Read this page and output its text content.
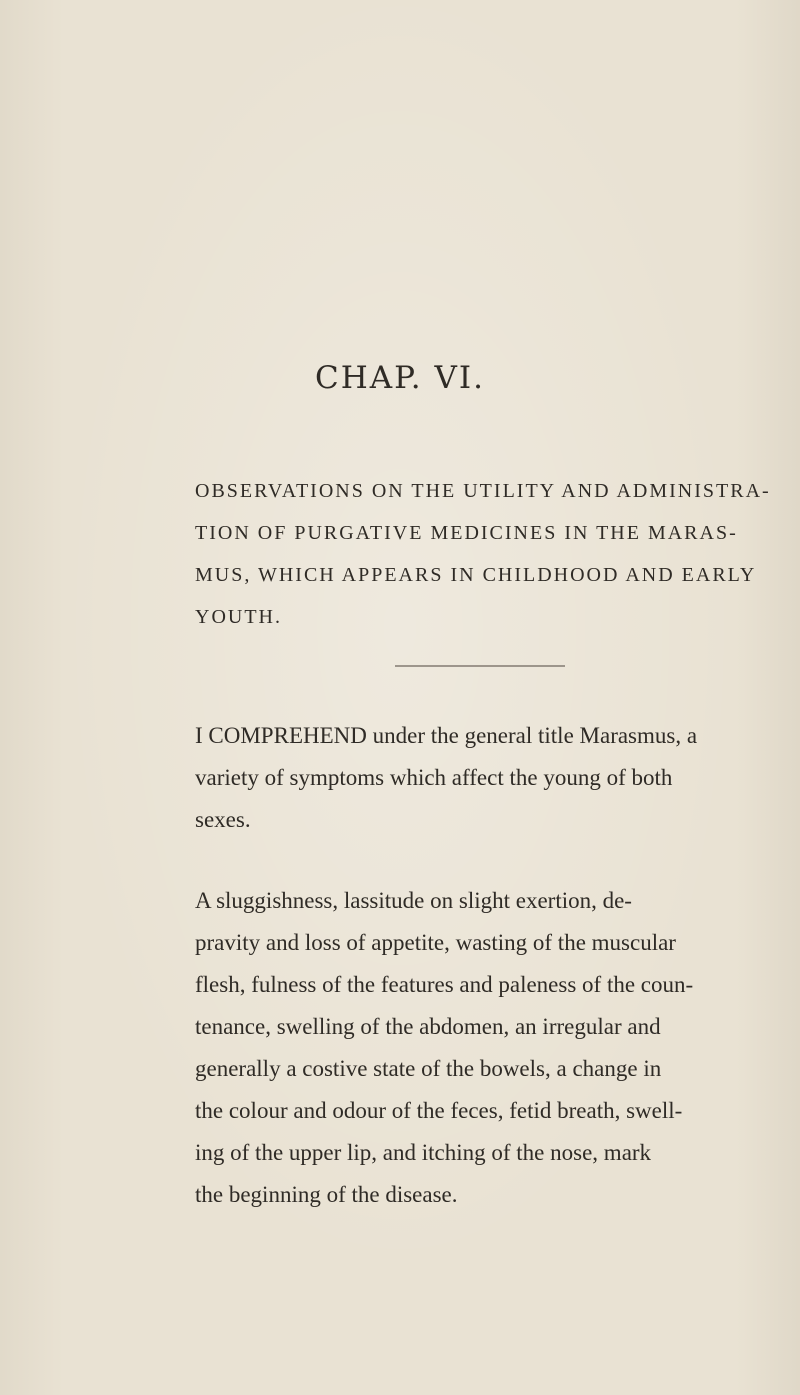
CHAP. VI.
OBSERVATIONS ON THE UTILITY AND ADMINISTRA-
TION OF PURGATIVE MEDICINES IN THE MARAS-
MUS, WHICH APPEARS IN CHILDHOOD AND EARLY
YOUTH.
I COMPREHEND under the general title Marasmus, a
variety of symptoms which affect the young of both
sexes.
A sluggishness, lassitude on slight exertion, de-
pravity and loss of appetite, wasting of the muscular
flesh, fulness of the features and paleness of the coun-
tenance, swelling of the abdomen, an irregular and
generally a costive state of the bowels, a change in
the colour and odour of the feces, fetid breath, swell-
ing of the upper lip, and itching of the nose, mark
the beginning of the disease.
